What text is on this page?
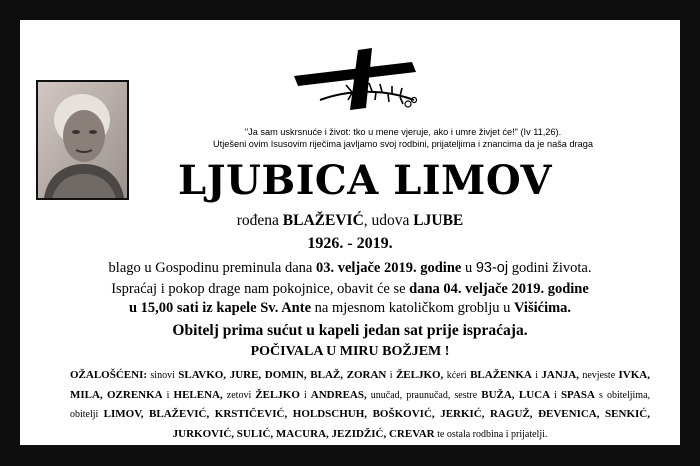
"Ja sam uskrsnuće i život: tko u mene vjeruje, ako i umre živjet će!" (Iv 11,26).
Utješeni ovim Isusovim riječima javljamo svoj rodbini, prijateljima i znancima da je naša draga
LJUBICA LIMOV
rođena BLAŽEVIĆ, udova LJUBE
1926. - 2019.
blago u Gospodinu preminula dana 03. veljače 2019. godine u 93-oj godini života.
Ispraćaj i pokop drage nam pokojnice, obavit će se dana 04. veljače 2019. godine
u 15,00 sati iz kapele Sv. Ante na mjesnom katoličkom groblju u Višićima.
Obitelj prima sućut u kapeli jedan sat prije ispraćaja.
POČIVALA U MIRU BOŽJEM !
OŽALOŠĆENI: sinovi SLAVKO, JURE, DOMIN, BLAŽ, ZORAN i ŽELJKO, kćeri BLAŽENKA i JANJA, nevjeste IVKA, MILA, OZRENKA i HELENA, zetovi ŽELJKO i ANDREAS, unučad, praunučad, sestre BUŽA, LUCA i SPASA s obiteljima, obitelji LIMOV, BLAŽEVIĆ, KRSTIČEVIĆ, HOLDSCHUH, BOŠKOVIĆ, JERKIĆ, RAGUŽ, ĐEVENICA, SENKIĆ, JURKOVIĆ, SULIĆ, MACURA, JEZIDŽIĆ, CREVAR te ostala rodbina i prijatelji.
